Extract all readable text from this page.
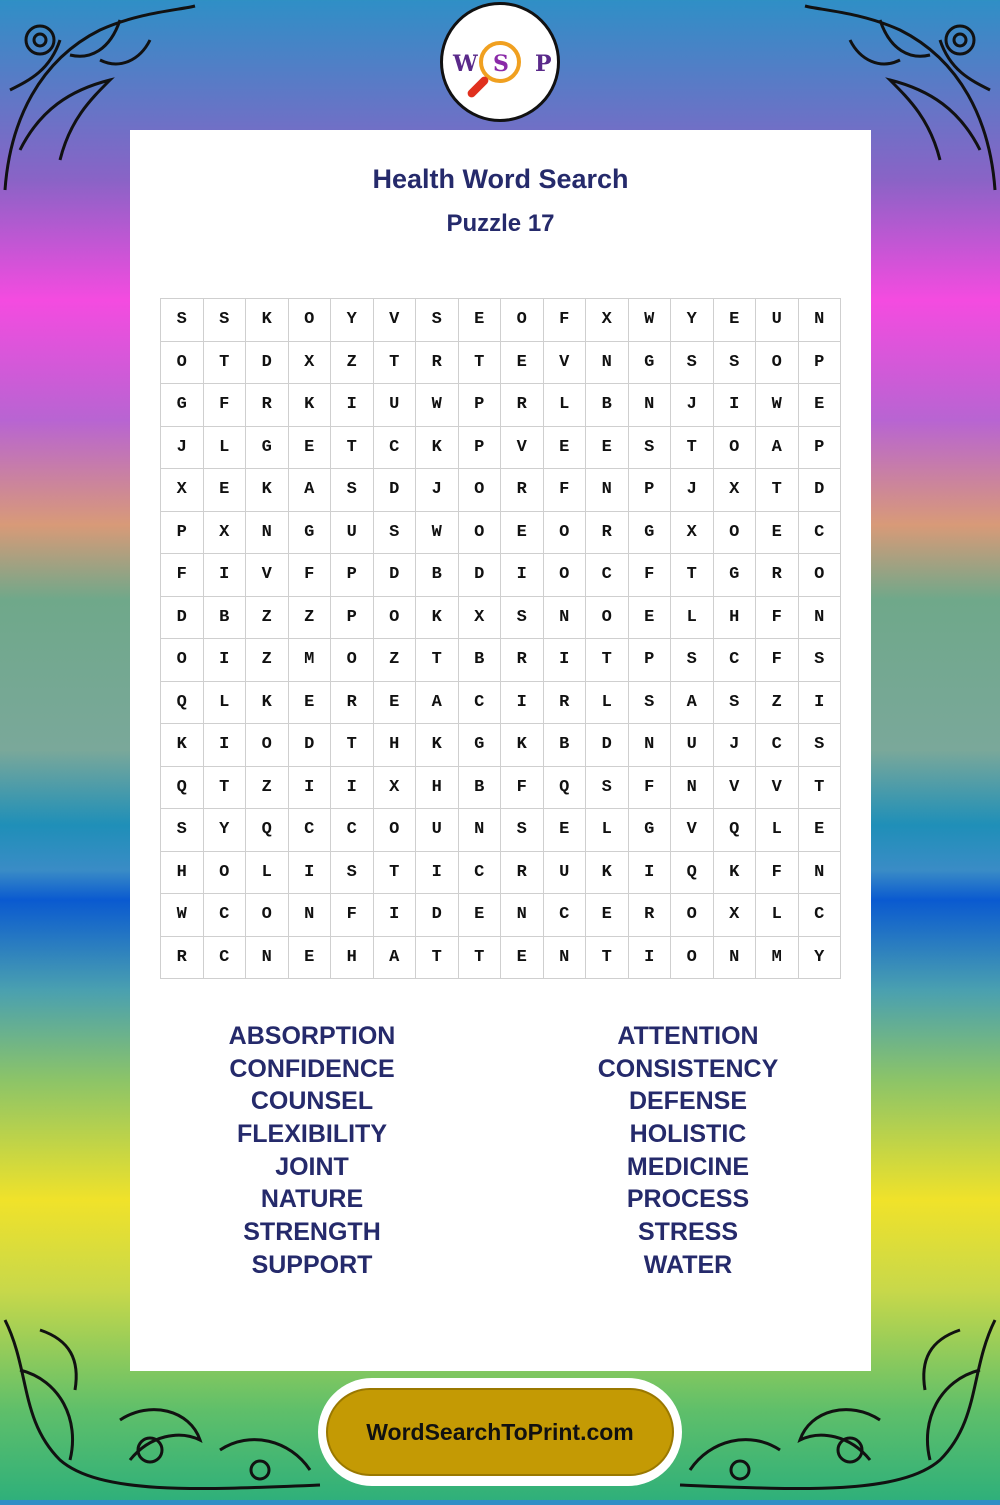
W S P
Health Word Search
Puzzle 17
S	S	K	O	Y	V	S	E	O	F	X	W	Y	E	U	N
O	T	D	X	Z	T	R	T	E	V	N	G	S	S	O	P
G	F	R	K	I	U	W	P	R	L	B	N	J	I	W	E
J	L	G	E	T	C	K	P	V	E	E	S	T	O	A	P
X	E	K	A	S	D	J	O	R	F	N	P	J	X	T	D
P	X	N	G	U	S	W	O	E	O	R	G	X	O	E	C
F	I	V	F	P	D	B	D	I	O	C	F	T	G	R	O
D	B	Z	Z	P	O	K	X	S	N	O	E	L	H	F	N
O	I	Z	M	O	Z	T	B	R	I	T	P	S	C	F	S
Q	L	K	E	R	E	A	C	I	R	L	S	A	S	Z	I
K	I	O	D	T	H	K	G	K	B	D	N	U	J	C	S
Q	T	Z	I	I	X	H	B	F	Q	S	F	N	V	V	T
S	Y	Q	C	C	O	U	N	S	E	L	G	V	Q	L	E
H	O	L	I	S	T	I	C	R	U	K	I	Q	K	F	N
W	C	O	N	F	I	D	E	N	C	E	R	O	X	L	C
R	C	N	E	H	A	T	T	E	N	T	I	O	N	M	Y
ABSORPTION
CONFIDENCE
COUNSEL
FLEXIBILITY
JOINT
NATURE
STRENGTH
SUPPORT
ATTENTION
CONSISTENCY
DEFENSE
HOLISTIC
MEDICINE
PROCESS
STRESS
WATER
WordSearchToPrint.com
